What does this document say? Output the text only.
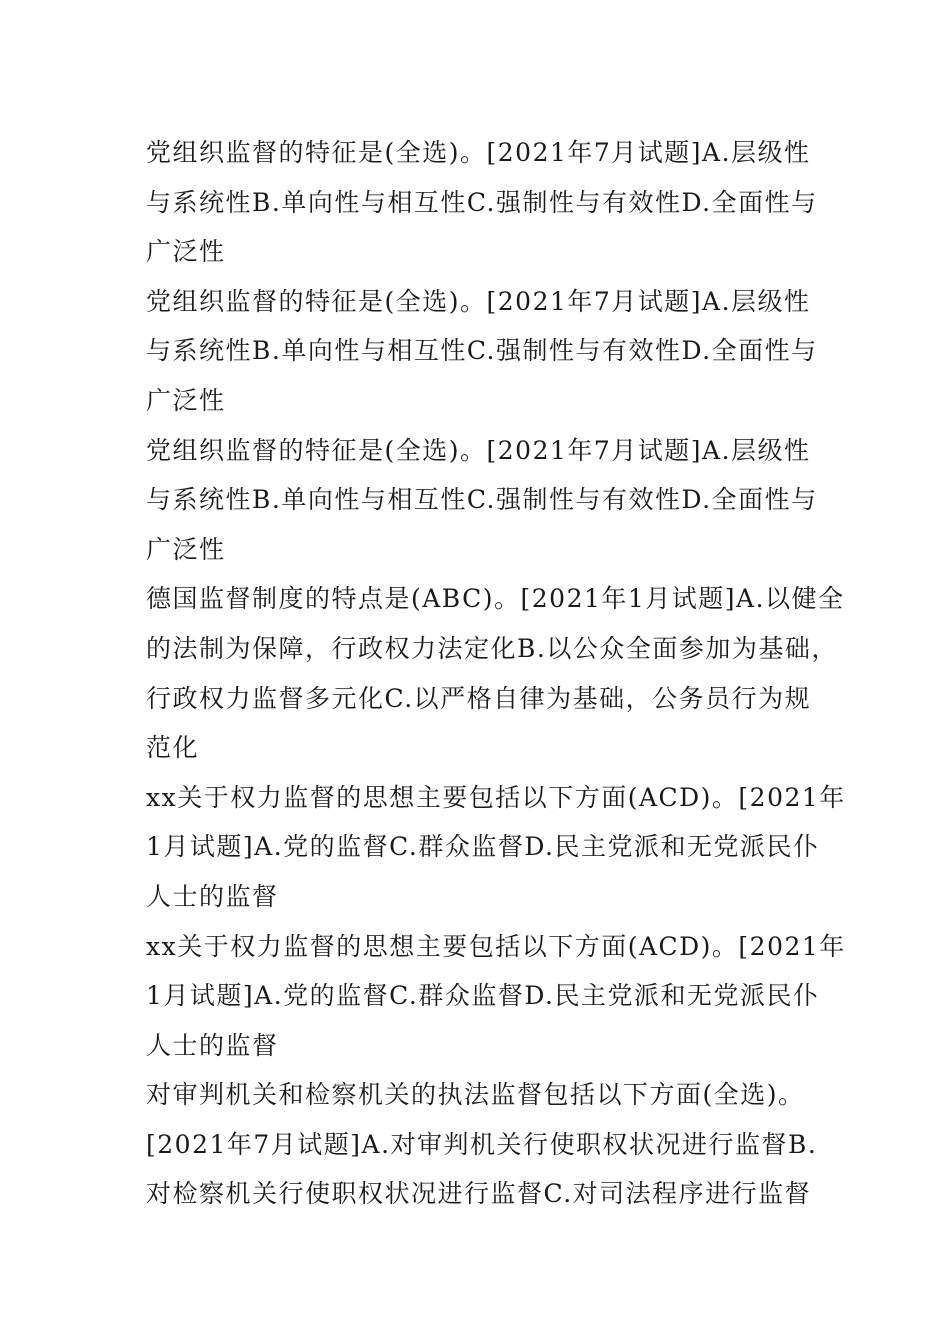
党组织监督的特征是(全选)。[2021年7月试题]A.层级性
与系统性B.单向性与相互性C.强制性与有效性D.全面性与
广泛性
党组织监督的特征是(全选)。[2021年7月试题]A.层级性
与系统性B.单向性与相互性C.强制性与有效性D.全面性与
广泛性
党组织监督的特征是(全选)。[2021年7月试题]A.层级性
与系统性B.单向性与相互性C.强制性与有效性D.全面性与
广泛性
德国监督制度的特点是(ABC)。[2021年1月试题]A.以健全
的法制为保障，行政权力法定化B.以公众全面参加为基础，
行政权力监督多元化C.以严格自律为基础，公务员行为规
范化
xx关于权力监督的思想主要包括以下方面(ACD)。[2021年
1月试题]A.党的监督C.群众监督D.民主党派和无党派民仆
人士的监督
xx关于权力监督的思想主要包括以下方面(ACD)。[2021年
1月试题]A.党的监督C.群众监督D.民主党派和无党派民仆
人士的监督
对审判机关和检察机关的执法监督包括以下方面(全选)。
[2021年7月试题]A.对审判机关行使职权状况进行监督B.
对检察机关行使职权状况进行监督C.对司法程序进行监督
